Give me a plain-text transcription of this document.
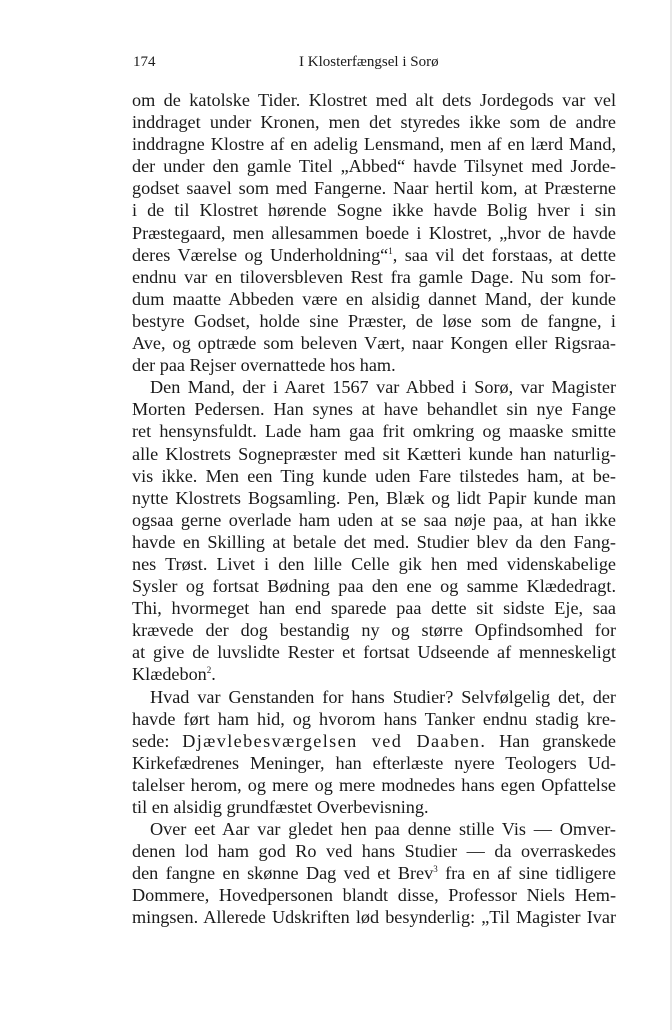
174	I Klosterfængsel i Sorø
om de katolske Tider. Klostret med alt dets Jordegods var vel
inddraget under Kronen, men det styredes ikke som de andre
inddragne Klostre af en adelig Lensmand, men af en lærd Mand,
der under den gamle Titel „Abbed“ havde Tilsynet med Jorde-
godset saavel som med Fangerne. Naar hertil kom, at Præsterne
i de til Klostret hørende Sogne ikke havde Bolig hver i sin
Præstegaard, men allesammen boede i Klostret, „hvor de havde
deres Værelse og Underholdning“$^1$, saa vil det forstaas, at dette
endnu var en tiloversbleven Rest fra gamle Dage. Nu som for-
dum maatte Abbeden være en alsidig dannet Mand, der kunde
bestyre Godset, holde sine Præster, de løse som de fangne, i
Ave, og optræde som beleven Vært, naar Kongen eller Rigsraa-
der paa Rejser overnattede hos ham.
Den Mand, der i Aaret 1567 var Abbed i Sorø, var Magister
Morten Pedersen. Han synes at have behandlet sin nye Fange
ret hensynsfuldt. Lade ham gaa frit omkring og maaske smitte
alle Klostrets Sognepræster med sit Kætteri kunde han naturlig-
vis ikke. Men een Ting kunde uden Fare tilstedes ham, at be-
nytte Klostrets Bogsamling. Pen, Blæk og lidt Papir kunde man
ogsaa gerne overlade ham uden at se saa nøje paa, at han ikke
havde en Skilling at betale det med. Studier blev da den Fang-
nes Trøst. Livet i den lille Celle gik hen med videnskabelige
Sysler og fortsat Bødning paa den ene og samme Klædedragt.
Thi, hvormeget han end sparede paa dette sit sidste Eje, saa
krævede der dog bestandig ny og større Opfindsomhed for
at give de luvslidte Rester et fortsat Udseende af menneskeligt
Klædebon$^2$.
Hvad var Genstanden for hans Studier? Selvfølgelig det, der
havde ført ham hid, og hvorom hans Tanker endnu stadig kre-
sede: Djævlebesværgelsen ved Daaben. Han granskede
Kirkefædrenes Meninger, han efterlæste nyere Teologers Ud-
talelser herom, og mere og mere modnedes hans egen Opfattelse
til en alsidig grundfæstet Overbevisning.
Over eet Aar var gledet hen paa denne stille Vis — Omver-
denen lod ham god Ro ved hans Studier — da overraskedes
den fangne en skønne Dag ved et Brev$^3$ fra en af sine tidligere
Dommere, Hovedpersonen blandt disse, Professor Niels Hem-
mingsen. Allerede Udskriften lød besynderlig: „Til Magister Ivar
